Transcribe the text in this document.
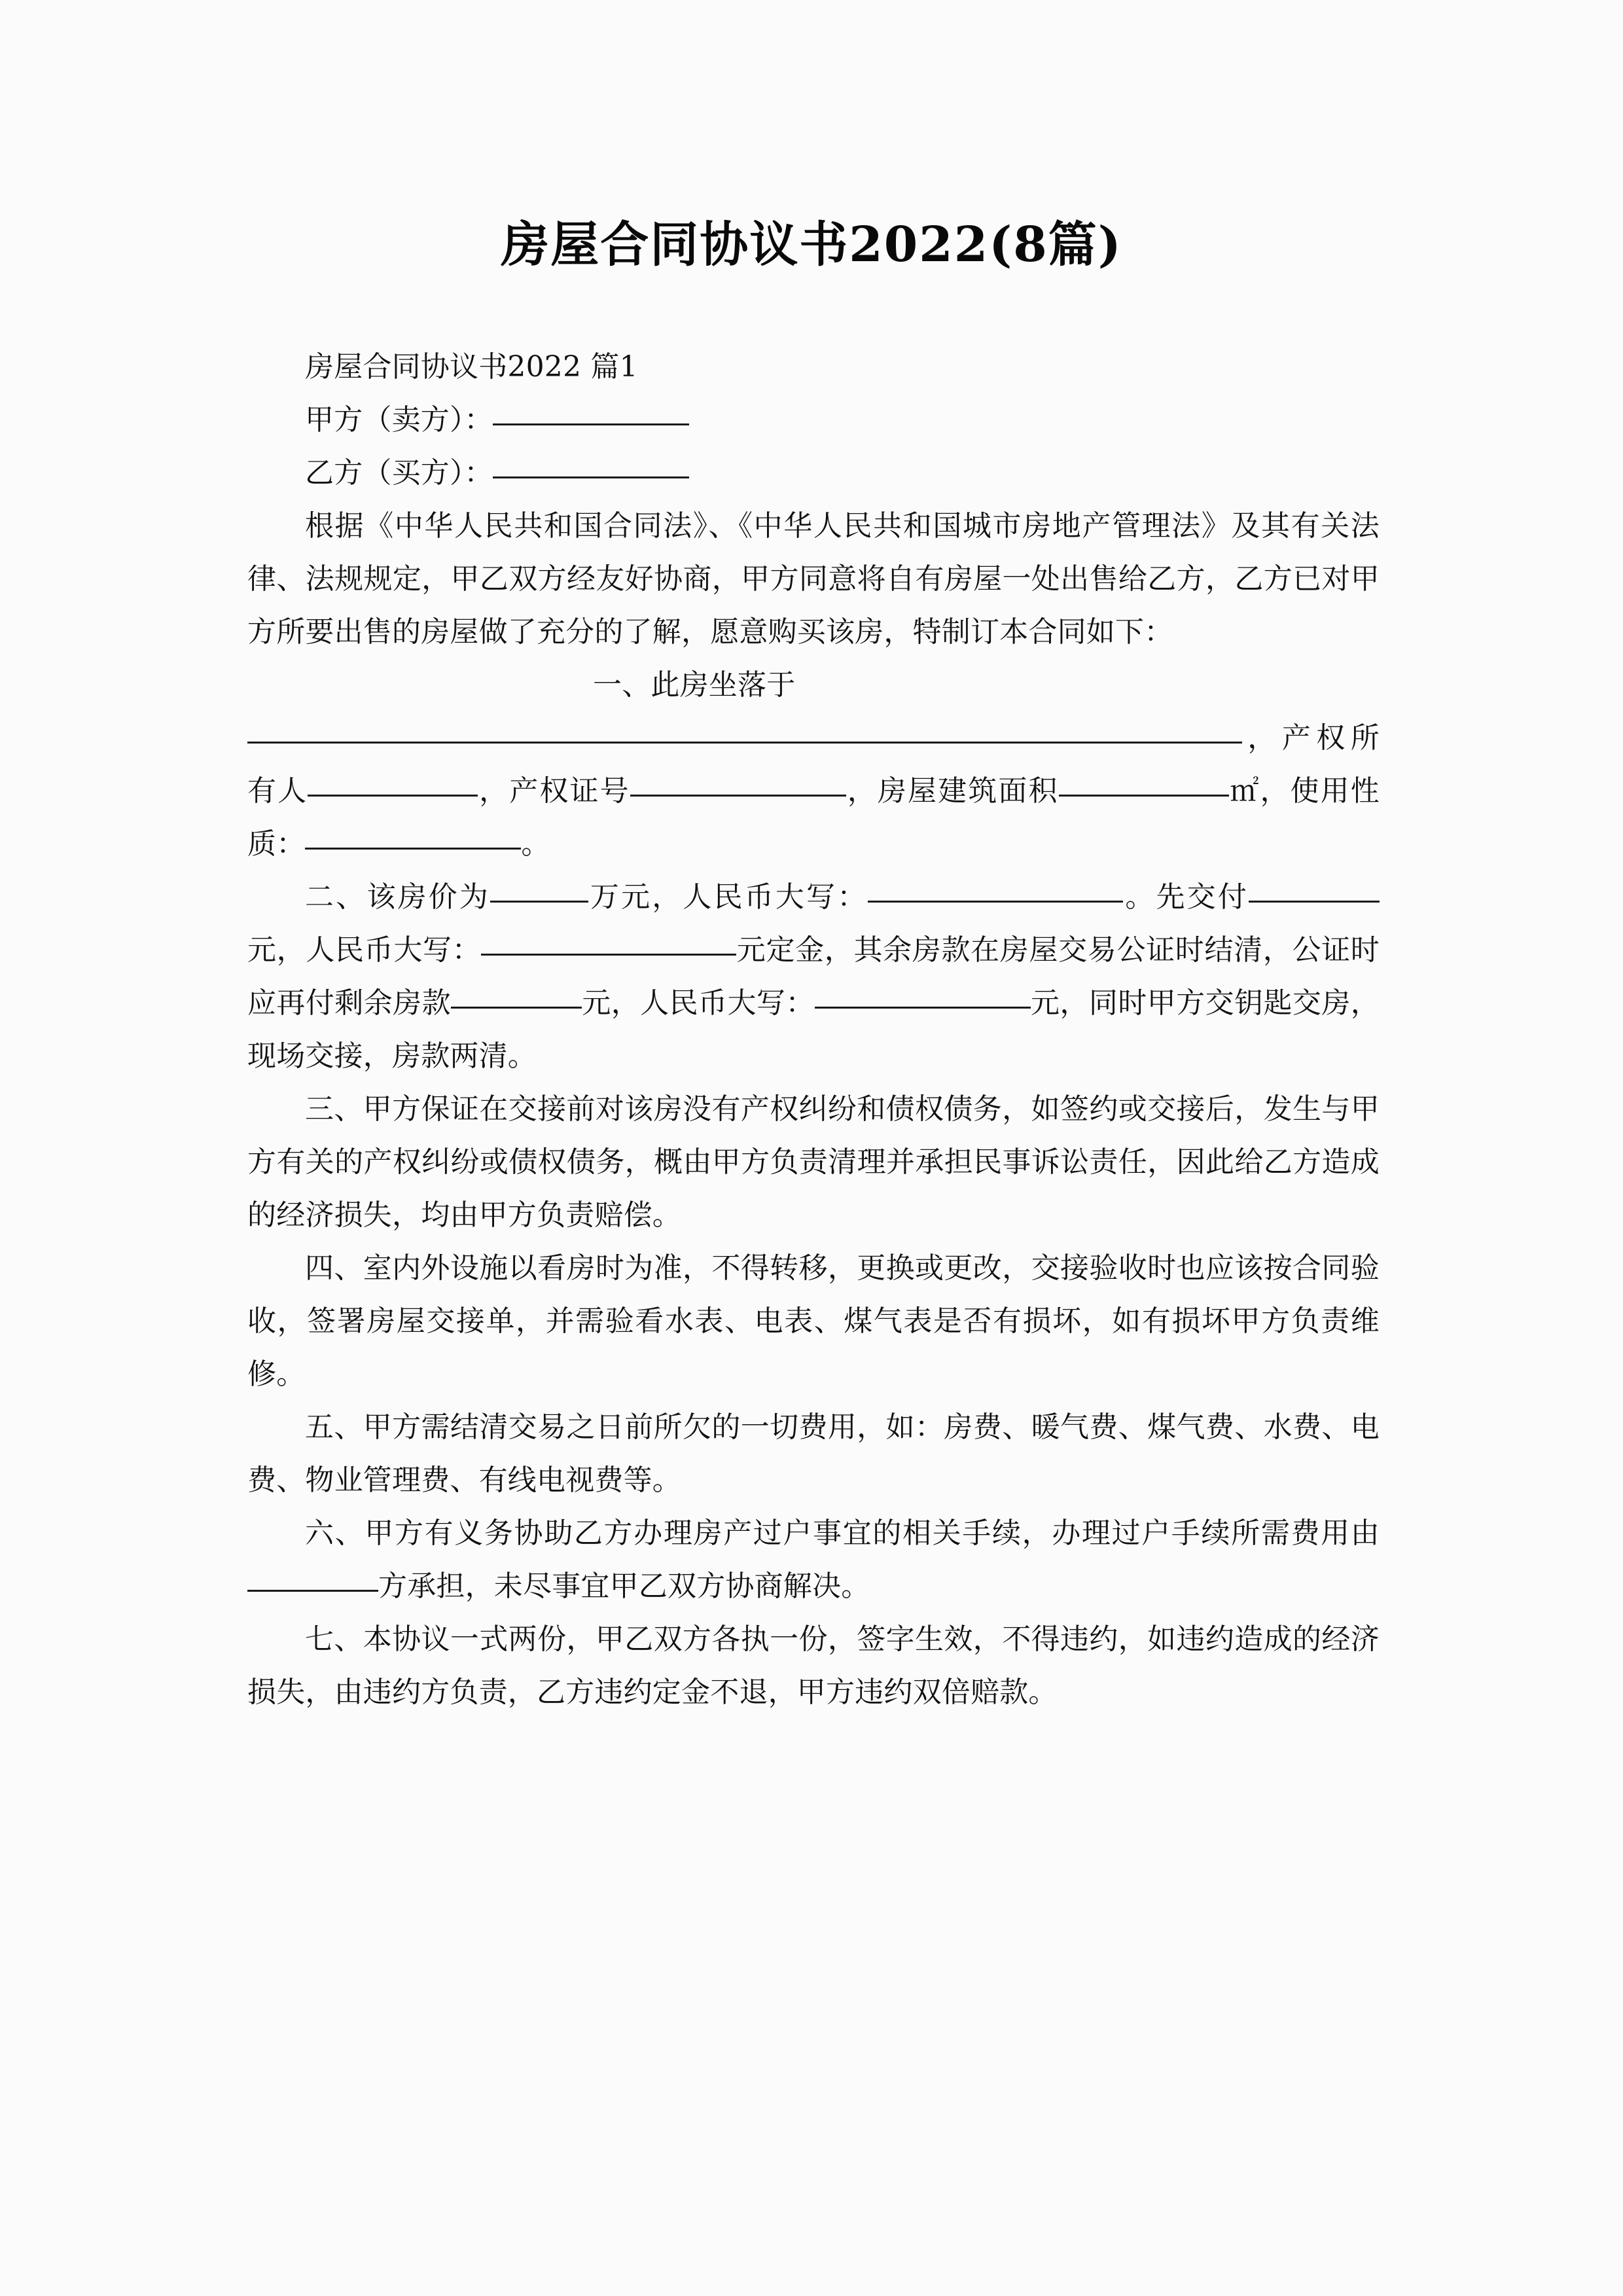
房屋合同协议书2022(8篇)

房屋合同协议书2022 篇1

甲方（卖方）：

乙方（买方）：

根据《中华人民共和国合同法》、《中华人民共和国城市房地产管理法》及其有关法律、法规规定，甲乙双方经友好协商，甲方同意将自有房屋一处出售给乙方，乙方已对甲方所要出售的房屋做了充分的了解，愿意购买该房，特制订本合同如下：

一、此房坐落于

，产权所有人	，产权证号	，房屋建筑面积	㎡，使用性质：	。

二、该房价为	万元，人民币大写：	。先交付元，人民币大写：	元定金，其余房款在房屋交易公证时结清，公证时应再付剩余房款	元，人民币大写：	元，同时甲方交钥匙交房，现场交接，房款两清。

三、甲方保证在交接前对该房没有产权纠纷和债权债务，如签约或交接后，发生与甲方有关的产权纠纷或债权债务，概由甲方负责清理并承担民事诉讼责任，因此给乙方造成的经济损失，均由甲方负责赔偿。

四、室内外设施以看房时为准，不得转移，更换或更改，交接验收时也应该按合同验收，签署房屋交接单，并需验看水表、电表、煤气表是否有损坏，如有损坏甲方负责维修。

五、甲方需结清交易之日前所欠的一切费用，如：房费、暖气费、煤气费、水费、电费、物业管理费、有线电视费等。

六、甲方有义务协助乙方办理房产过户事宜的相关手续，办理过户手续所需费用由方承担，未尽事宜甲乙双方协商解决。

七、本协议一式两份，甲乙双方各执一份，签字生效，不得违约，如违约造成的经济损失，由违约方负责，乙方违约定金不退，甲方违约双倍赔款。
